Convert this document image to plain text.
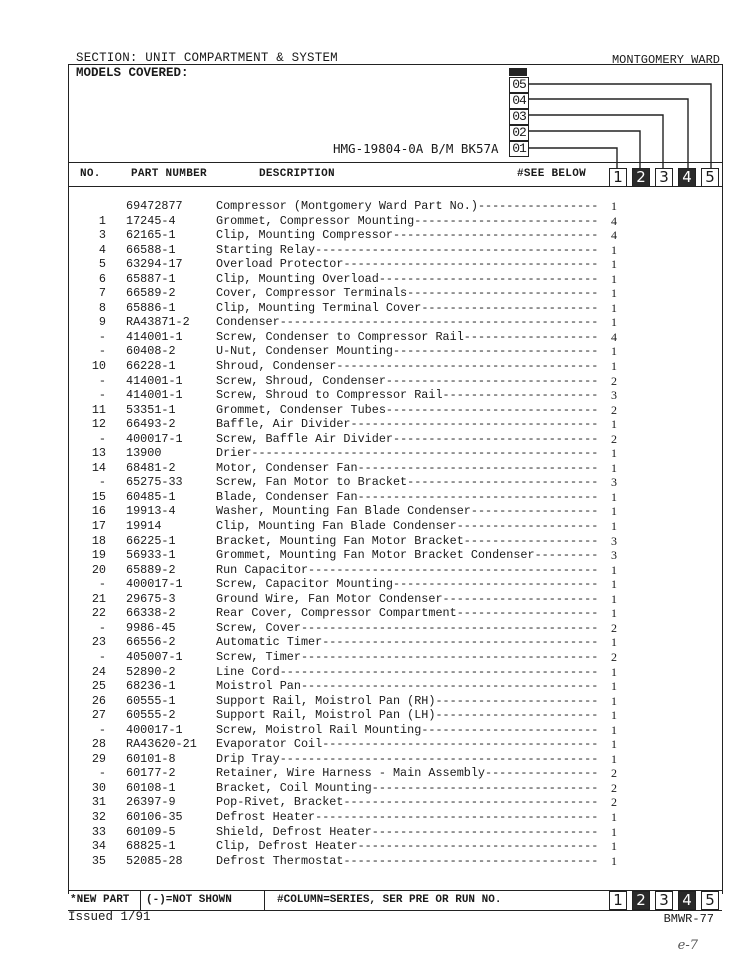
SECTION: UNIT COMPARTMENT & SYSTEM	MONTGOMERY WARD
MODELS COVERED:
HMG-19804-0A B/M BK57A
05
04
03
02
01
NO.	PART NUMBER	DESCRIPTION	#SEE BELOW 1 2 3 4 5
69472877	Compressor (Montgomery Ward Part No.)-----------------	1
1 17245-4	Grommet, Compressor Mounting--------------------------	4
3 62165-1	Clip, Mounting Compressor-----------------------------	4
4 66588-1	Starting Relay----------------------------------------	1
5 63294-17	Overload Protector------------------------------------	1
6 65887-1	Clip, Mounting Overload-------------------------------	1
7 66589-2	Cover, Compressor Terminals---------------------------	1
8 65886-1	Clip, Mounting Terminal Cover-------------------------	1
9 RA43871-2 Condenser---------------------------------------------	1
- 414001-1	Screw, Condenser to Compressor Rail-------------------	4
- 60408-2	U-Nut, Condenser Mounting-----------------------------	1
10 66228-1	Shroud, Condenser-------------------------------------	1
- 414001-1	Screw, Shroud, Condenser------------------------------	2
- 414001-1	Screw, Shroud to Compressor Rail----------------------	3
11 53351-1	Grommet, Condenser Tubes------------------------------	2
12 66493-2	Baffle, Air Divider-----------------------------------	1
- 400017-1	Screw, Baffle Air Divider-----------------------------	2
13 13900	Drier-------------------------------------------------	1
14 68481-2	Motor, Condenser Fan----------------------------------	1
- 65275-33	Screw, Fan Motor to Bracket---------------------------	3
15 60485-1	Blade, Condenser Fan----------------------------------	1
16 19913-4	Washer, Mounting Fan Blade Condenser------------------	1
17 19914	Clip, Mounting Fan Blade Condenser--------------------	1
18 66225-1	Bracket, Mounting Fan Motor Bracket-------------------	3
19 56933-1	Grommet, Mounting Fan Motor Bracket Condenser---------	3
20 65889-2	Run Capacitor-----------------------------------------	1
- 400017-1	Screw, Capacitor Mounting-----------------------------	1
21 29675-3	Ground Wire, Fan Motor Condenser----------------------	1
22 66338-2	Rear Cover, Compressor Compartment--------------------	1
- 9986-45	Screw, Cover------------------------------------------	2
23 66556-2	Automatic Timer---------------------------------------	1
- 405007-1	Screw, Timer------------------------------------------	2
24 52890-2	Line Cord---------------------------------------------	1
25 68236-1	Moistrol Pan------------------------------------------	1
26 60555-1	Support Rail, Moistrol Pan (RH)-----------------------	1
27 60555-2	Support Rail, Moistrol Pan (LH)-----------------------	1
- 400017-1	Screw, Moistrol Rail Mounting-------------------------	1
28 RA43620-21 Evaporator Coil---------------------------------------	1
29 60101-8	Drip Tray---------------------------------------------	1
- 60177-2	Retainer, Wire Harness - Main Assembly----------------	2
30 60108-1	Bracket, Coil Mounting--------------------------------	2
31 26397-9	Pop-Rivet, Bracket------------------------------------	2
32 60106-35	Defrost Heater----------------------------------------	1
33 60109-5	Shield, Defrost Heater--------------------------------	1
34 68825-1	Clip, Defrost Heater----------------------------------	1
35 52085-28	Defrost Thermostat------------------------------------	1
*NEW PART (-)=NOT SHOWN	#COLUMN=SERIES, SER PRE OR RUN NO.	1 2 3 4 5
Issued 1/91	BMWR-77
e-7
